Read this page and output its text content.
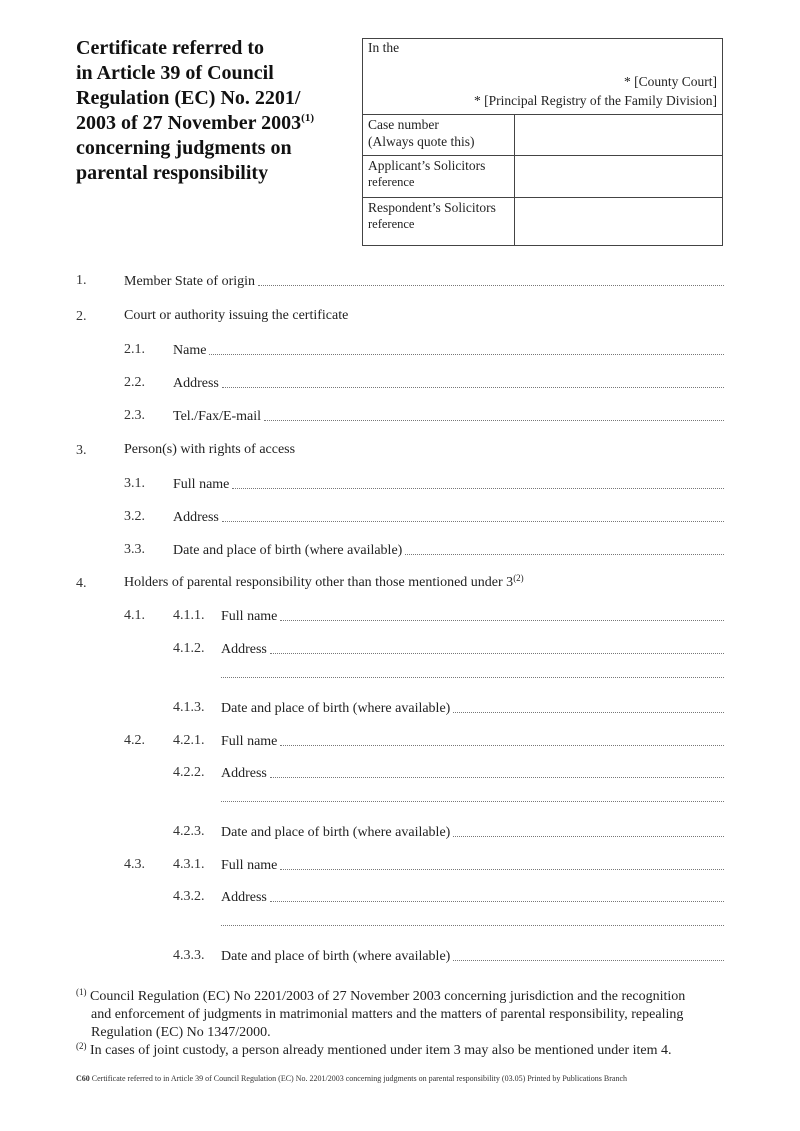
Certificate referred to
in Article 39 of Council
Regulation (EC) No. 2201/
2003 of 27 November 2003$^{(1)}$
concerning judgments on
parental responsibility
In the
* [County Court]
* [Principal Registry of the Family Division]
Case number
(Always quote this)
Applicant’s Solicitors
reference
Respondent’s Solicitors
reference
1.	Member State of origin
2.	Court or authority issuing the certificate
2.1. Name
2.2. Address
2.3. Tel./Fax/E-mail
3.	Person(s) with rights of access
3.1. Full name
3.2. Address
3.3. Date and place of birth (where available)
4.	Holders of parental responsibility other than those mentioned under 3$^{(2)}$
4.1. 4.1.1. Full name
4.1.2. Address
4.1.3. Date and place of birth (where available)
4.2. 4.2.1. Full name
4.2.2. Address
4.2.3. Date and place of birth (where available)
4.3. 4.3.1. Full name
4.3.2. Address
4.3.3. Date and place of birth (where available)
$^{(1)}$ Council Regulation (EC) No 2201/2003 of 27 November 2003 concerning jurisdiction and the recognition
and enforcement of judgments in matrimonial matters and the matters of parental responsibility, repealing
Regulation (EC) No 1347/2000.
$^{(2)}$ In cases of joint custody, a person already mentioned under item 3 may also be mentioned under item 4.
C60 Certificate referred to in Article 39 of Council Regulation (EC) No. 2201/2003 concerning judgments on parental responsibility (03.05) Printed by Publications Branch
